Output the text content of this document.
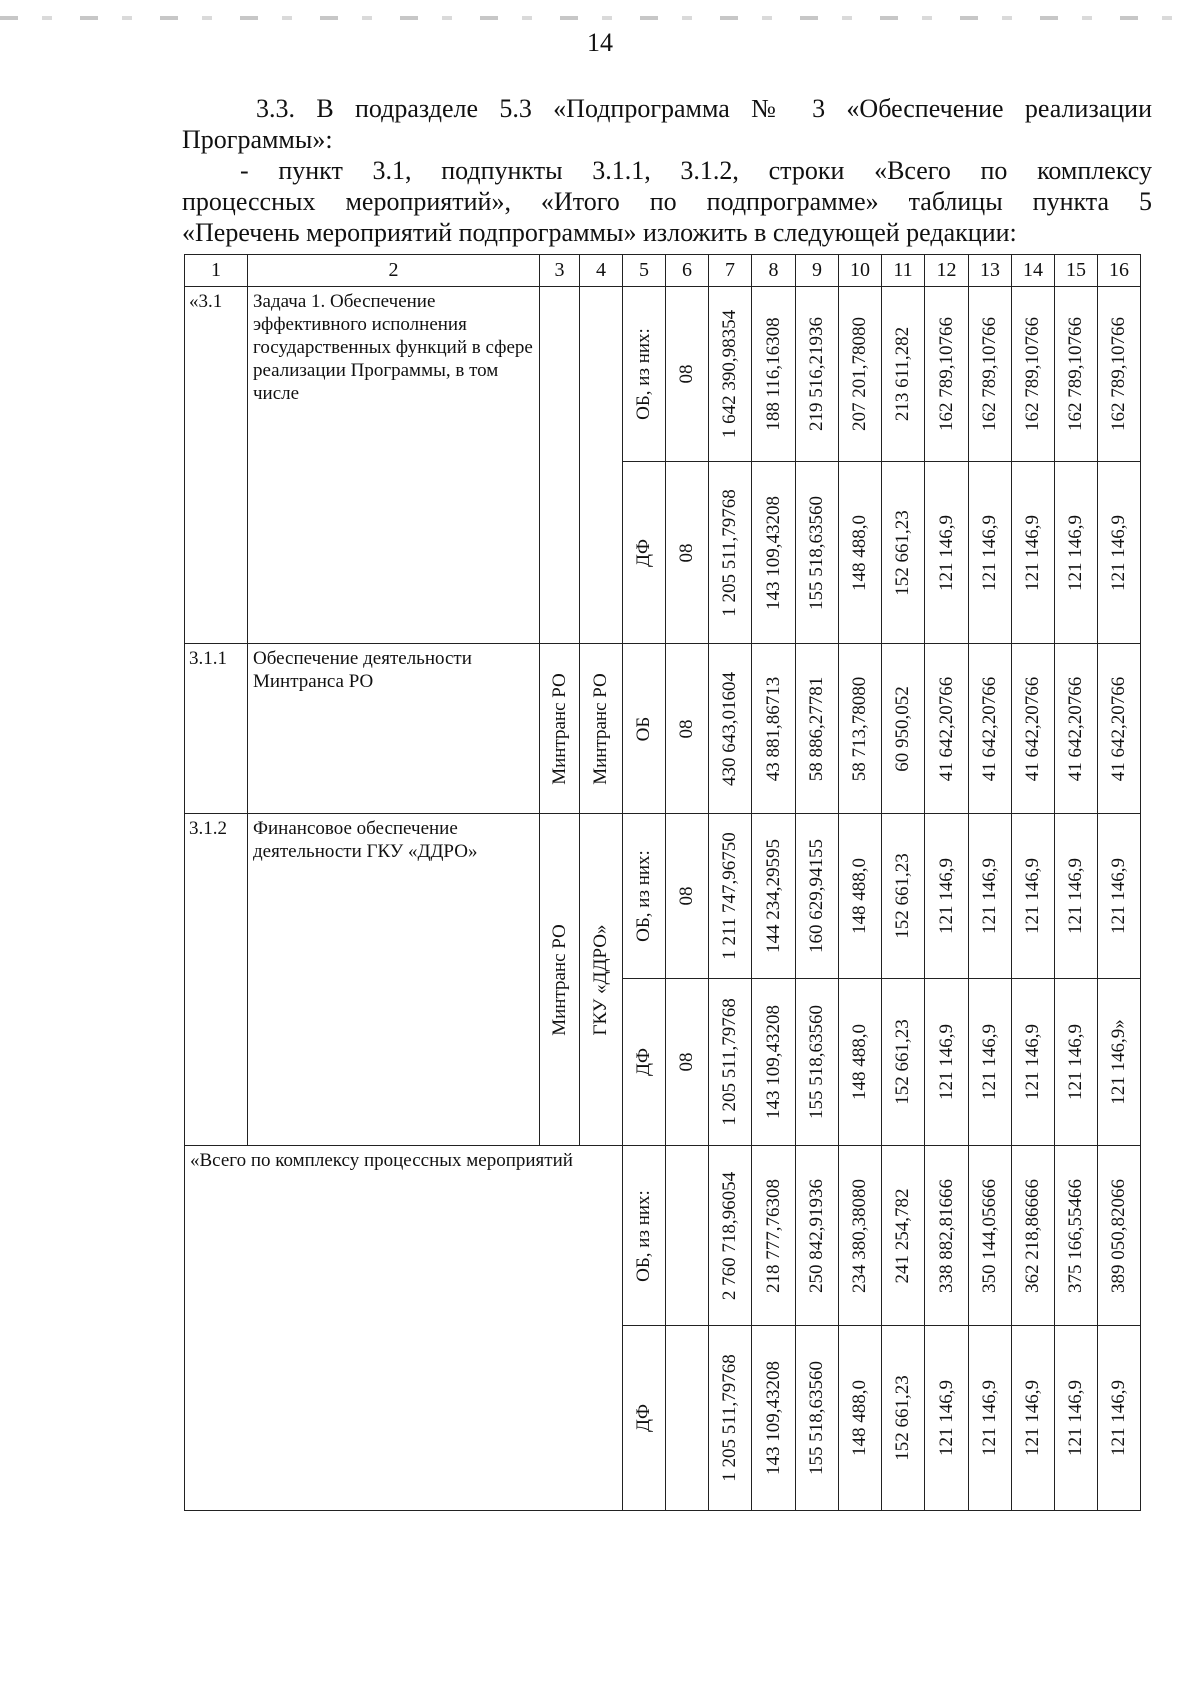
14
3.3. В подразделе 5.3 «Подпрограмма № 3 «Обеспечение реализации
Программы»:
- пункт 3.1, подпункты 3.1.1, 3.1.2, строки «Всего по комплексу
процессных мероприятий», «Итого по подпрограмме» таблицы пункта 5
«Перечень мероприятий подпрограммы» изложить в следующей редакции:
1	2	3	4	5	6	7	8	9	10	11	12	13	14	15	16
«3.1	Задача 1. Обеспечение эффективного исполнения государственных функций в сфере реализации Программы, в том числе			ОБ, из них:	08	1 642 390,98354	188 116,16308	219 516,21936	207 201,78080	213 611,282	162 789,10766	162 789,10766	162 789,10766	162 789,10766	162 789,10766

				ДФ	08	1 205 511,79768	143 109,43208	155 518,63560	148 488,0	152 661,23	121 146,9	121 146,9	121 146,9	121 146,9	121 146,9

3.1.1	Обеспечение деятельности Минтранса РО	Минтранс РО	Минтранс РО	ОБ	08	430 643,01604	43 881,86713	58 886,27781	58 713,78080	60 950,052	41 642,20766	41 642,20766	41 642,20766	41 642,20766	41 642,20766

3.1.2	Финансовое обеспечение деятельности ГКУ «ДДРО»	Минтранс РО	ГКУ «ДДРО»	ОБ, из них:	08	1 211 747,96750	144 234,29595	160 629,94155	148 488,0	152 661,23	121 146,9	121 146,9	121 146,9	121 146,9	121 146,9

				ДФ	08	1 205 511,79768	143 109,43208	155 518,63560	148 488,0	152 661,23	121 146,9	121 146,9	121 146,9	121 146,9	121 146,9»

«Всего по комплексу процессных мероприятий				ОБ, из них:		2 760 718,96054	218 777,76308	250 842,91936	234 380,38080	241 254,782	338 882,81666	350 144,05666	362 218,86666	375 166,55466	389 050,82066

				ДФ		1 205 511,79768	143 109,43208	155 518,63560	148 488,0	152 661,23	121 146,9	121 146,9	121 146,9	121 146,9	121 146,9
